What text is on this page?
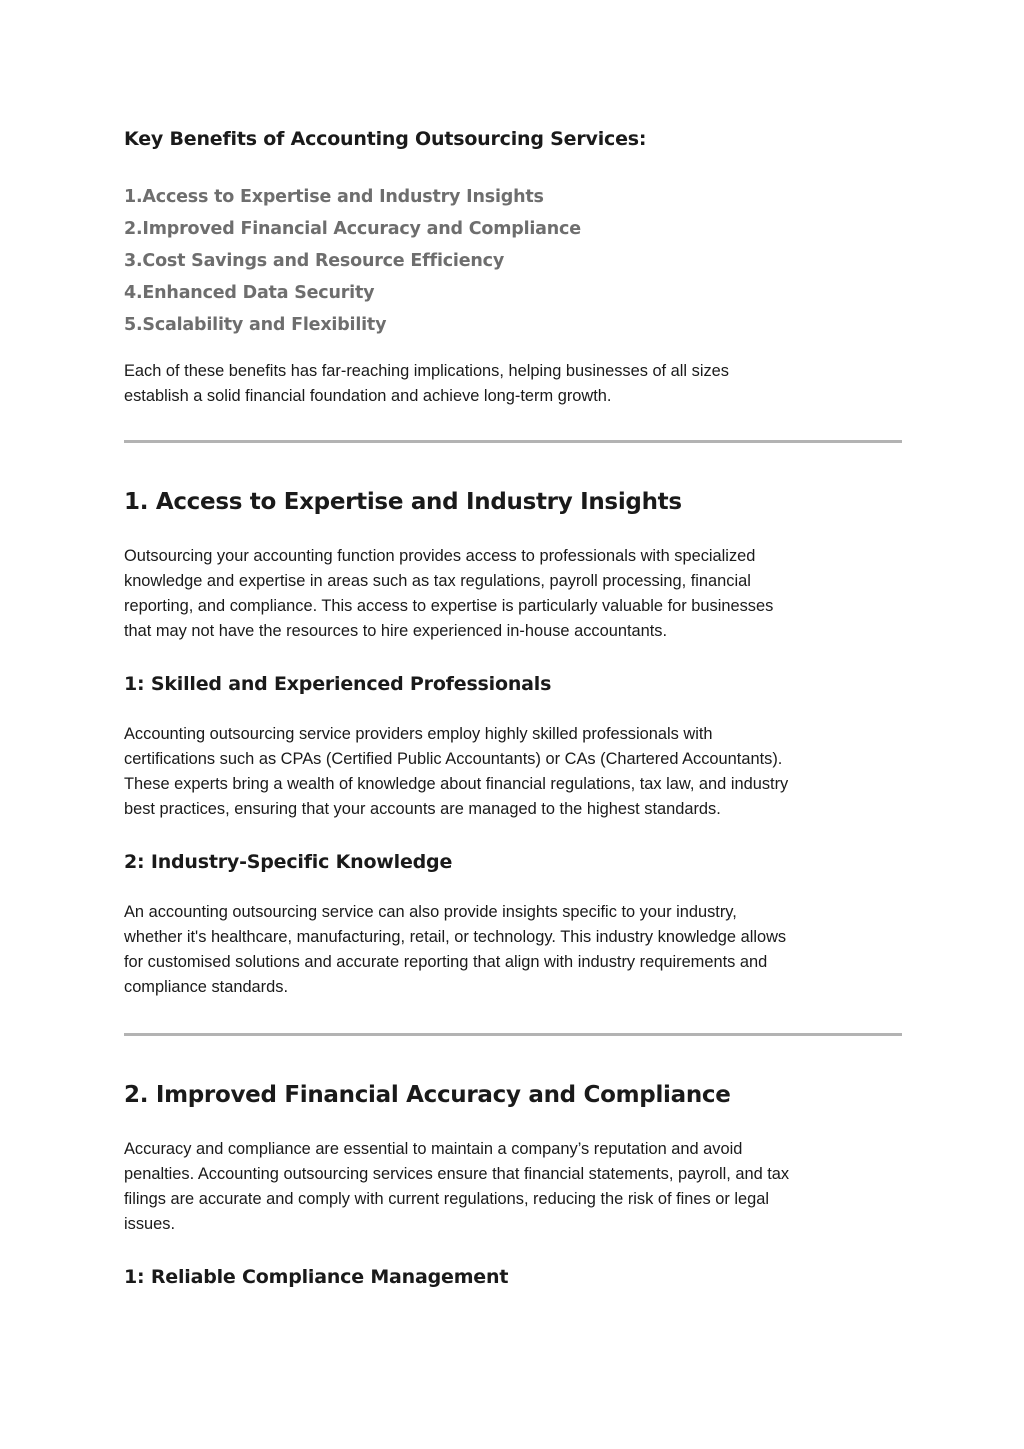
Key Benefits of Accounting Outsourcing Services:
1.Access to Expertise and Industry Insights
2.Improved Financial Accuracy and Compliance
3.Cost Savings and Resource Efficiency
4.Enhanced Data Security
5.Scalability and Flexibility

Each of these benefits has far-reaching implications, helping businesses of all sizes
establish a solid financial foundation and achieve long-term growth.

1. Access to Expertise and Industry Insights

Outsourcing your accounting function provides access to professionals with specialized
knowledge and expertise in areas such as tax regulations, payroll processing, financial
reporting, and compliance. This access to expertise is particularly valuable for businesses
that may not have the resources to hire experienced in-house accountants.

1: Skilled and Experienced Professionals

Accounting outsourcing service providers employ highly skilled professionals with
certifications such as CPAs (Certified Public Accountants) or CAs (Chartered Accountants).
These experts bring a wealth of knowledge about financial regulations, tax law, and industry
best practices, ensuring that your accounts are managed to the highest standards.

2: Industry-Specific Knowledge

An accounting outsourcing service can also provide insights specific to your industry,
whether it's healthcare, manufacturing, retail, or technology. This industry knowledge allows
for customised solutions and accurate reporting that align with industry requirements and
compliance standards.

2. Improved Financial Accuracy and Compliance

Accuracy and compliance are essential to maintain a company’s reputation and avoid
penalties. Accounting outsourcing services ensure that financial statements, payroll, and tax
filings are accurate and comply with current regulations, reducing the risk of fines or legal
issues.

1: Reliable Compliance Management
